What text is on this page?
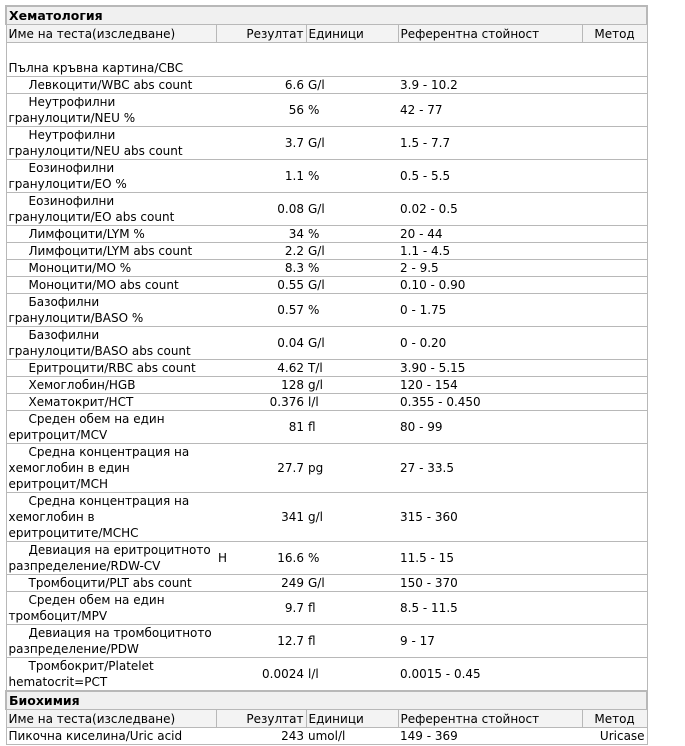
Хематология				
Име на теста(изследване)	Резултат	Единици	Референтна стойност	Метод
Пълна кръвна картина/CBC				
Левкоцити/WBC abs count	6.6	G/l	3.9 - 10.2	
Неутрофилни гранулоцити/NEU %	56	%	42 - 77	
Неутрофилни гранулоцити/NEU abs count	3.7	G/l	1.5 - 7.7	
Еозинофилни гранулоцити/EO %	1.1	%	0.5 - 5.5	
Еозинофилни гранулоцити/EO abs count	0.08	G/l	0.02 - 0.5	
Лимфоцити/LYM %	34	%	20 - 44	
Лимфоцити/LYM abs count	2.2	G/l	1.1 - 4.5	
Моноцити/MO %	8.3	%	2 - 9.5	
Моноцити/MO abs count	0.55	G/l	0.10 - 0.90	
Базофилни гранулоцити/BASO %	0.57	%	0 - 1.75	
Базофилни гранулоцити/BASO abs count	0.04	G/l	0 - 0.20	
Еритроцити/RBC abs count	4.62	T/l	3.90 - 5.15	
Хемоглобин/HGB	128	g/l	120 - 154	
Хематокрит/HCT	0.376	l/l	0.355 - 0.450	
Среден обем на един еритроцит/MCV	81	fl	80 - 99	
Средна концентрация на хемоглобин в един еритроцит/MCH	27.7	pg	27 - 33.5	
Средна концентрация на хемоглобин в еритроцитите/MCHC	341	g/l	315 - 360	
Девиация на еритроцитното разпределение/RDW-CV	H 16.6	%	11.5 - 15	
Тромбоцити/PLT abs count	249	G/l	150 - 370	
Среден обем на един тромбоцит/MPV	9.7	fl	8.5 - 11.5	
Девиация на тромбоцитното разпределение/PDW	12.7	fl	9 - 17	
Тромбокрит/Platelet hematocrit=PCT	0.0024	l/l	0.0015 - 0.45	
Биохимия				
Име на теста(изследване)	Резултат	Единици	Референтна стойност	Метод
Пикочна киселина/Uric acid	243	umol/l	149 - 369	Uricase
